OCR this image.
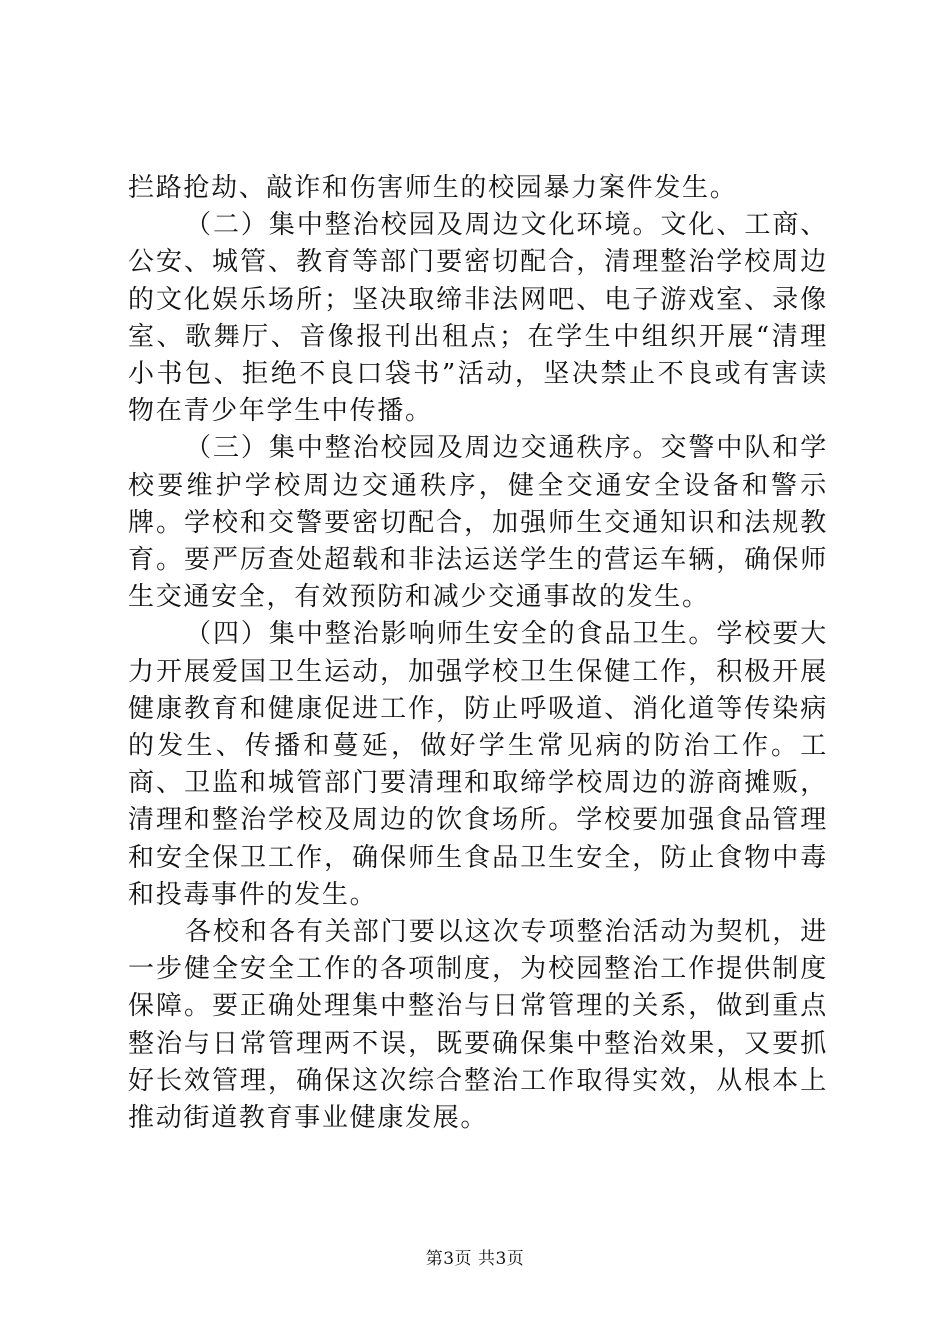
拦路抢劫、敲诈和伤害师生的校园暴力案件发生。

（二）集中整治校园及周边文化环境。文化、工商、公安、城管、教育等部门要密切配合，清理整治学校周边的文化娱乐场所；坚决取缔非法网吧、电子游戏室、录像室、歌舞厅、音像报刊出租点；在学生中组织开展“清理小书包、拒绝不良口袋书”活动，坚决禁止不良或有害读物在青少年学生中传播。

（三）集中整治校园及周边交通秩序。交警中队和学校要维护学校周边交通秩序，健全交通安全设备和警示牌。学校和交警要密切配合，加强师生交通知识和法规教育。要严厉查处超载和非法运送学生的营运车辆，确保师生交通安全，有效预防和减少交通事故的发生。

（四）集中整治影响师生安全的食品卫生。学校要大力开展爱国卫生运动，加强学校卫生保健工作，积极开展健康教育和健康促进工作，防止呼吸道、消化道等传染病的发生、传播和蔓延，做好学生常见病的防治工作。工商、卫监和城管部门要清理和取缔学校周边的游商摊贩，清理和整治学校及周边的饮食场所。学校要加强食品管理和安全保卫工作，确保师生食品卫生安全，防止食物中毒和投毒事件的发生。

各校和各有关部门要以这次专项整治活动为契机，进一步健全安全工作的各项制度，为校园整治工作提供制度保障。要正确处理集中整治与日常管理的关系，做到重点整治与日常管理两不误，既要确保集中整治效果，又要抓好长效管理，确保这次综合整治工作取得实效，从根本上推动街道教育事业健康发展。

第3页 共3页
